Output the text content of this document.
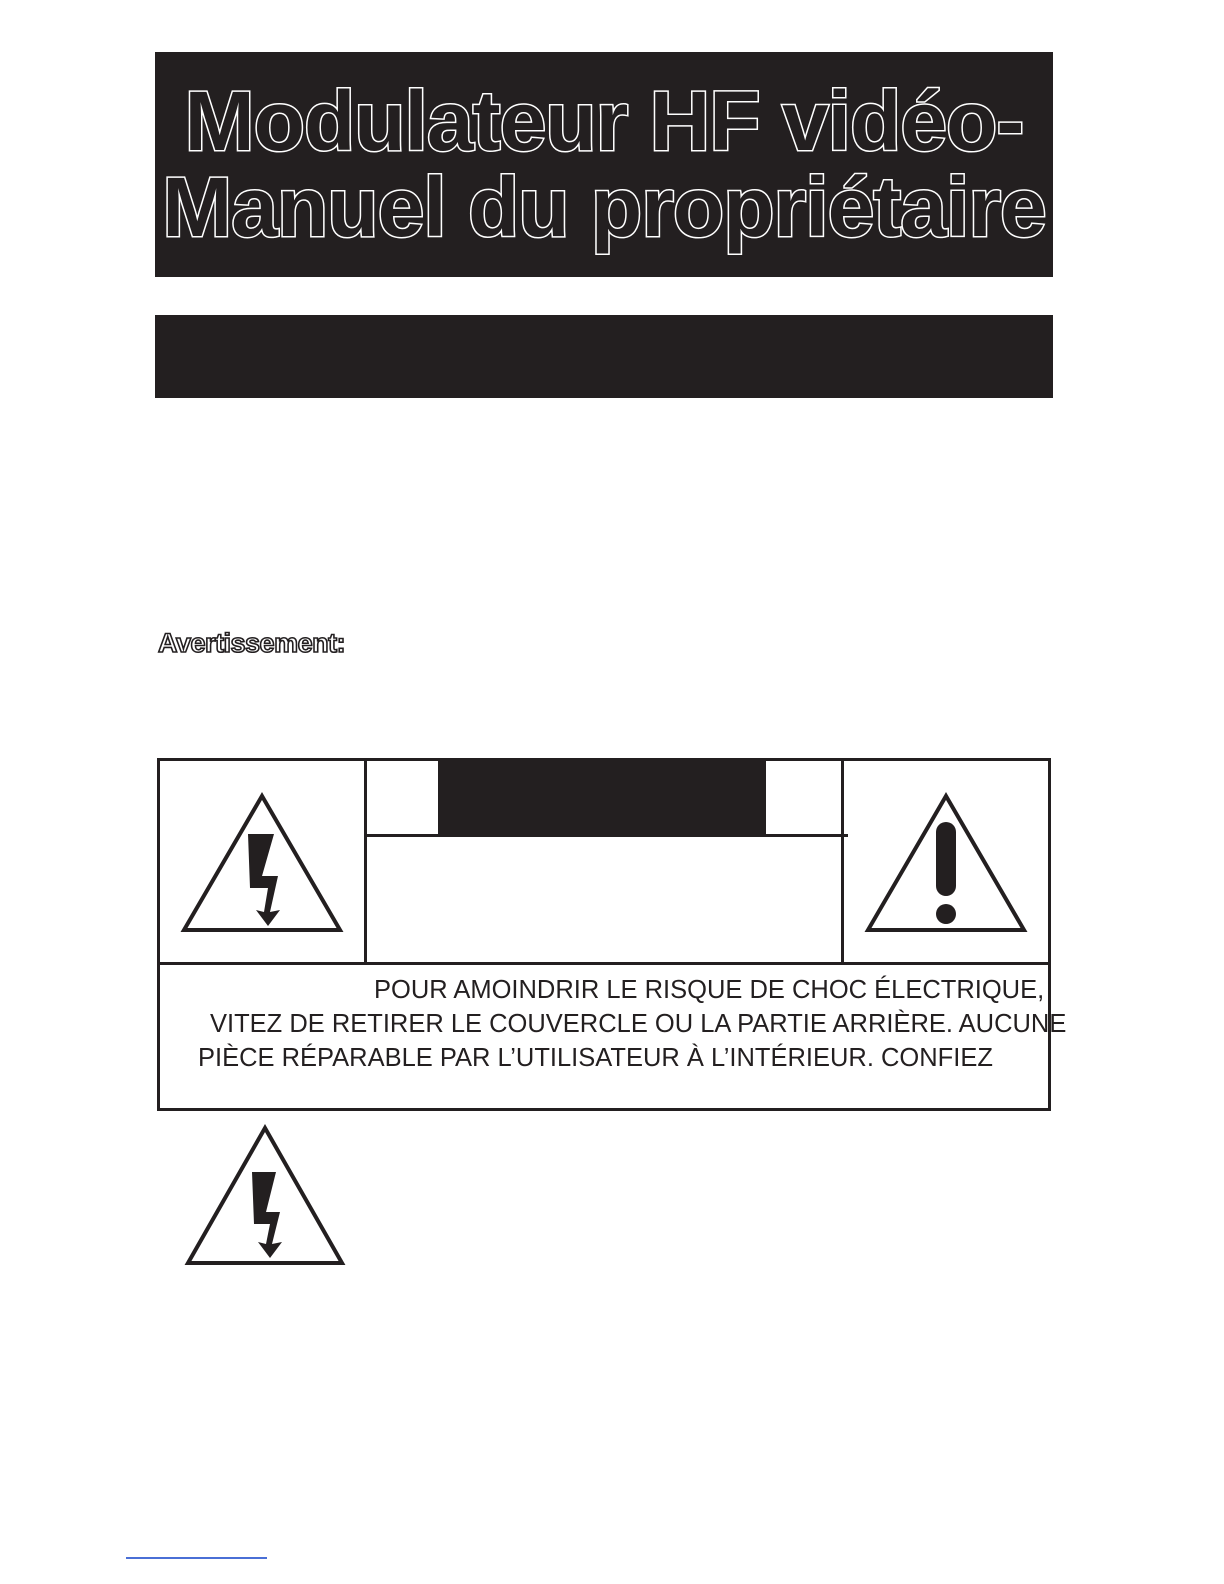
Modulateur HF vidéo-
Manuel du propriétaire
Avertissement:
POUR AMOINDRIR LE RISQUE DE CHOC ÉLECTRIQUE,
VITEZ DE RETIRER LE COUVERCLE OU LA PARTIE ARRIÈRE. AUCUNE
PIÈCE RÉPARABLE PAR L’UTILISATEUR À L’INTÉRIEUR. CONFIEZ
